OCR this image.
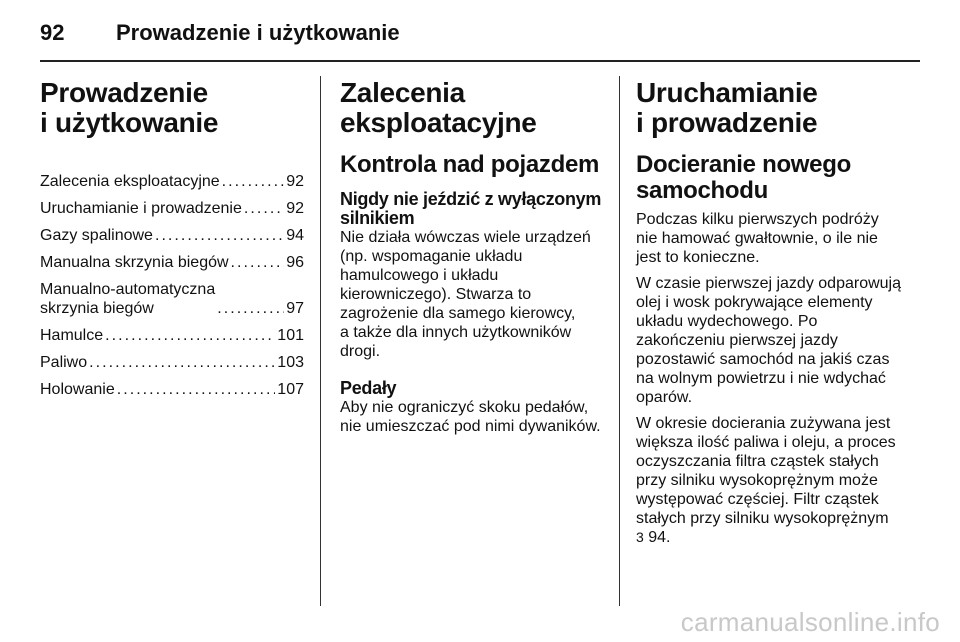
92 Prowadzenie i użytkowanie
Prowadzenie
i użytkowanie
Zalecenia eksploatacyjne . . .	92
Uruchamianie i prowadzenie . . .	92
Gazy spalinowe . . .	94
Manualna skrzynia biegów . . .	96
Manualno-automatyczna
skrzynia biegów . . .	97
Hamulce . . .	101
Paliwo . . .	103
Holowanie . . .	107
Zalecenia
eksploatacyjne
Kontrola nad pojazdem
Nigdy nie jeździć z wyłączonym silnikiem

Nie działa wówczas wiele urządzeń
(np. wspomaganie układu
hamulcowego i układu
kierowniczego). Stwarza to
zagrożenie dla samego kierowcy,
a także dla innych użytkowników
drogi.

Pedały

Aby nie ograniczyć skoku pedałów,
nie umieszczać pod nimi dywaników.

Uruchamianie
i prowadzenie
Docieranie nowego
samochodu

Podczas kilku pierwszych podróży
nie hamować gwałtownie, o ile nie
jest to konieczne.

W czasie pierwszej jazdy odparowują
olej i wosk pokrywające elementy
układu wydechowego. Po
zakończeniu pierwszej jazdy
pozostawić samochód na jakiś czas
na wolnym powietrzu i nie wdychać
oparów.

W okresie docierania zużywana jest
większa ilość paliwa i oleju, a proces
oczyszczania filtra cząstek stałych
przy silniku wysokoprężnym może
występować częściej. Filtr cząstek
stałych przy silniku wysokoprężnym
3 94.

carmanualsonline.info
